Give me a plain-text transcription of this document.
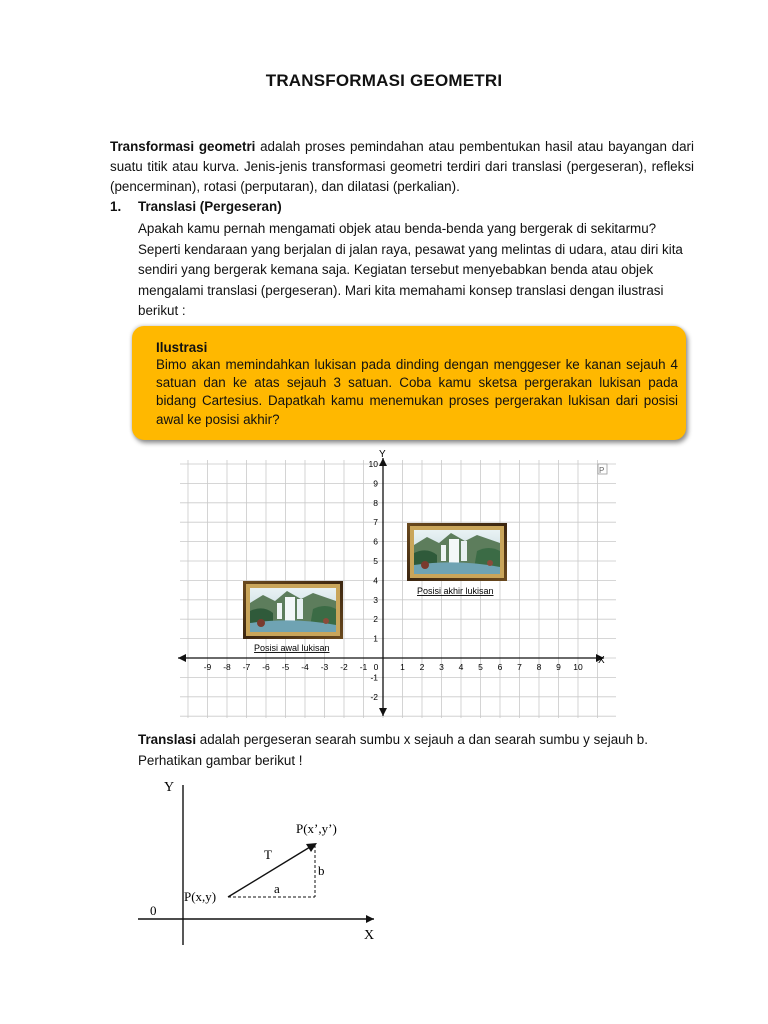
TRANSFORMASI GEOMETRI
Transformasi geometri adalah proses pemindahan atau pembentukan hasil atau bayangan dari suatu titik atau kurva. Jenis-jenis transformasi geometri terdiri dari translasi (pergeseran), refleksi (pencerminan), rotasi (perputaran), dan dilatasi (perkalian).
1. Translasi (Pergeseran)
Apakah kamu pernah mengamati objek atau benda-benda yang bergerak di sekitarmu? Seperti kendaraan yang berjalan di jalan raya, pesawat yang melintas di udara, atau diri kita sendiri yang bergerak kemana saja. Kegiatan tersebut menyebabkan benda atau objek mengalami translasi (pergeseran). Mari kita memahami konsep translasi dengan ilustrasi berikut :
Ilustrasi
Bimo akan memindahkan lukisan pada dinding dengan menggeser ke kanan sejauh 4 satuan dan ke atas sejauh 3 satuan. Coba kamu sketsa pergerakan lukisan pada bidang Cartesius. Dapatkah kamu menemukan proses pergerakan lukisan dari posisi awal ke posisi akhir?
-9 -8 -7 -6 -5 -4 -3 -2 -1 0	1 2 3 4 5 6 7 8 9 10
10
9
8
7
6
5
4
3
2
1
-1
-2
X
Y
Posisi awal lukisan
Posisi akhir lukisan
P
Translasi adalah pergeseran searah sumbu x sejauh a dan searah sumbu y sejauh b.
Perhatikan gambar berikut !
Y
X
0
P(x,y)
P(x’,y’)
T
a
b
